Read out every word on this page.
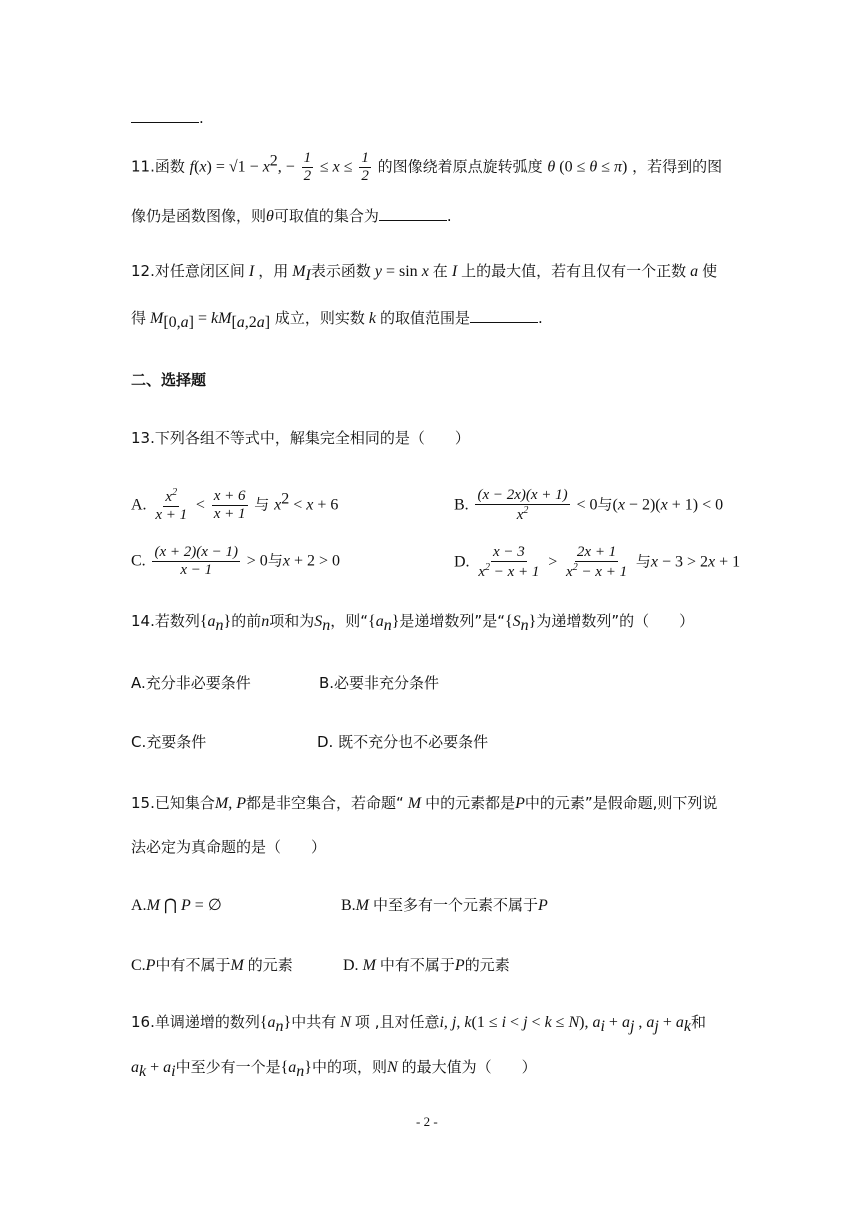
.
11.函数 $f(x) = √1 - x^2$, − $\frac{1}{2} \le x \le \frac{1}{2}$ 的图像绕着原点旋转弧度 θ (0 ≤ θ ≤ π) ，若得到的图
像仍是函数图像，则θ可取值的集合为	.
12.对任意闭区间 I ，用 $M_I$表示函数 y = sin x 在 I 上的最大值，若有且仅有一个正数 a 使
得 $M_{[0,a]} = kM_{[a,2a]}$ 成立，则实数 k 的取值范围是	.
二、选择题
13.下列各组不等式中，解集完全相同的是（　　）
A. $\frac{x^2}{x + 1} < \frac{x + 6}{x + 1}$ 与 $x^2 < x + 6$	B. $\frac{(x - 2x)(x + 1)}{x^2} < 0$与(x − 2)(x + 1) < 0
C. $\frac{(x + 2)(x - 1)}{x - 1} > 0$与x + 2 > 0	D. $\frac{x - 3}{x^2 - x + 1} > \frac{2x + 1}{x^2 - x + 1}$ 与x − 3 > 2x + 1
14.若数列$\{a_n\}$的前n项和为$S_n$，则“$\{a_n\}$是递增数列”是“$\{S_n\}$为递增数列”的（　　）
A.充分非必要条件	B.必要非充分条件
C.充要条件	D. 既不充分也不必要条件
15.已知集合M, P都是非空集合，若命题“ M 中的元素都是P中的元素”是假命题,则下列说
法必定为真命题的是（　　）
A.M ⋂ P = ∅	B.M 中至多有一个元素不属于P
C.P中有不属于M 的元素	D. M 中有不属于P的元素
16.单调递增的数列$\{a_n\}$中共有 N 项 ,且对任意i, j, k(1 ≤ i < j < k ≤ N), $a_i + a_j$ , $a_j + a_k$和
$a_k + a_i$中至少有一个是$\{a_n\}$中的项，则N 的最大值为（　　）
- 2 -
